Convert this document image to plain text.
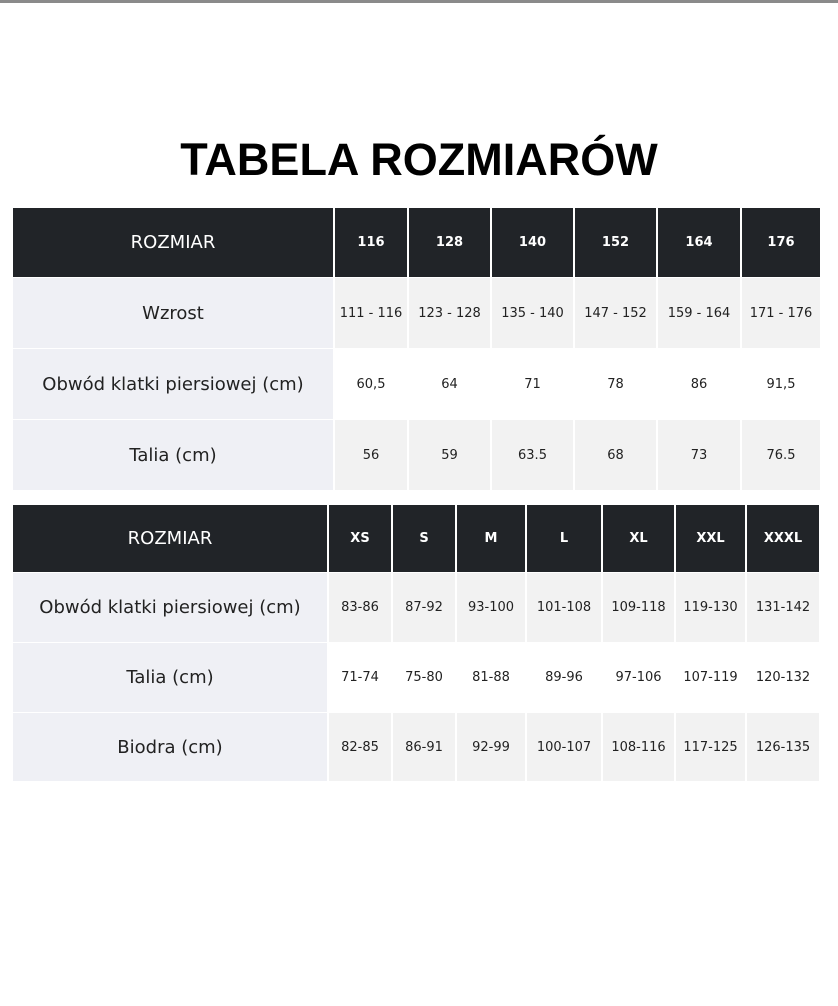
TABELA ROZMIARÓW
ROZMIAR	116	128	140	152	164	176
Wzrost	111 - 116	123 - 128	135 - 140	147 - 152	159 - 164	171 - 176
Obwód klatki piersiowej (cm)	60,5	64	71	78	86	91,5
Talia (cm)	56	59	63.5	68	73	76.5
ROZMIAR	XS	S	M	L	XL	XXL	XXXL
Obwód klatki piersiowej (cm)	83-86	87-92	93-100	101-108	109-118	119-130	131-142
Talia (cm)	71-74	75-80	81-88	89-96	97-106	107-119	120-132
Biodra (cm)	82-85	86-91	92-99	100-107	108-116	117-125	126-135
